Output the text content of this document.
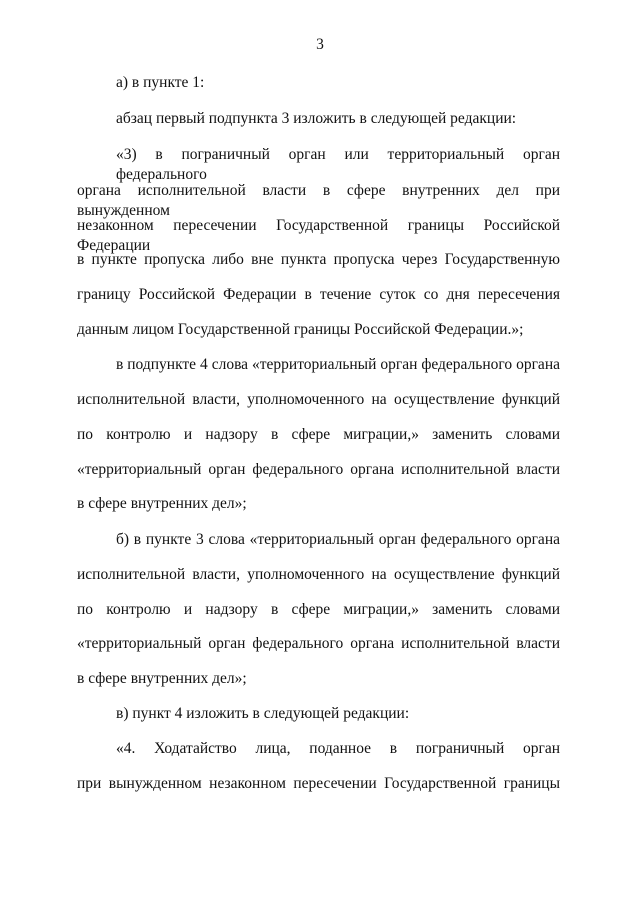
3
а) в пункте 1:
абзац первый подпункта 3 изложить в следующей редакции:
«3) в пограничный орган или территориальный орган федерального
органа исполнительной власти в сфере внутренних дел при вынужденном
незаконном пересечении Государственной границы Российской Федерации
в пункте пропуска либо вне пункта пропуска через Государственную
границу Российской Федерации в течение суток со дня пересечения
данным лицом Государственной границы Российской Федерации.»;
в подпункте 4 слова «территориальный орган федерального органа
исполнительной власти, уполномоченного на осуществление функций
по контролю и надзору в сфере миграции,» заменить словами
«территориальный орган федерального органа исполнительной власти
в сфере внутренних дел»;
б) в пункте 3 слова «территориальный орган федерального органа
исполнительной власти, уполномоченного на осуществление функций
по контролю и надзору в сфере миграции,» заменить словами
«территориальный орган федерального органа исполнительной власти
в сфере внутренних дел»;
в) пункт 4 изложить в следующей редакции:
«4. Ходатайство лица, поданное в пограничный орган
при вынужденном незаконном пересечении Государственной границы
